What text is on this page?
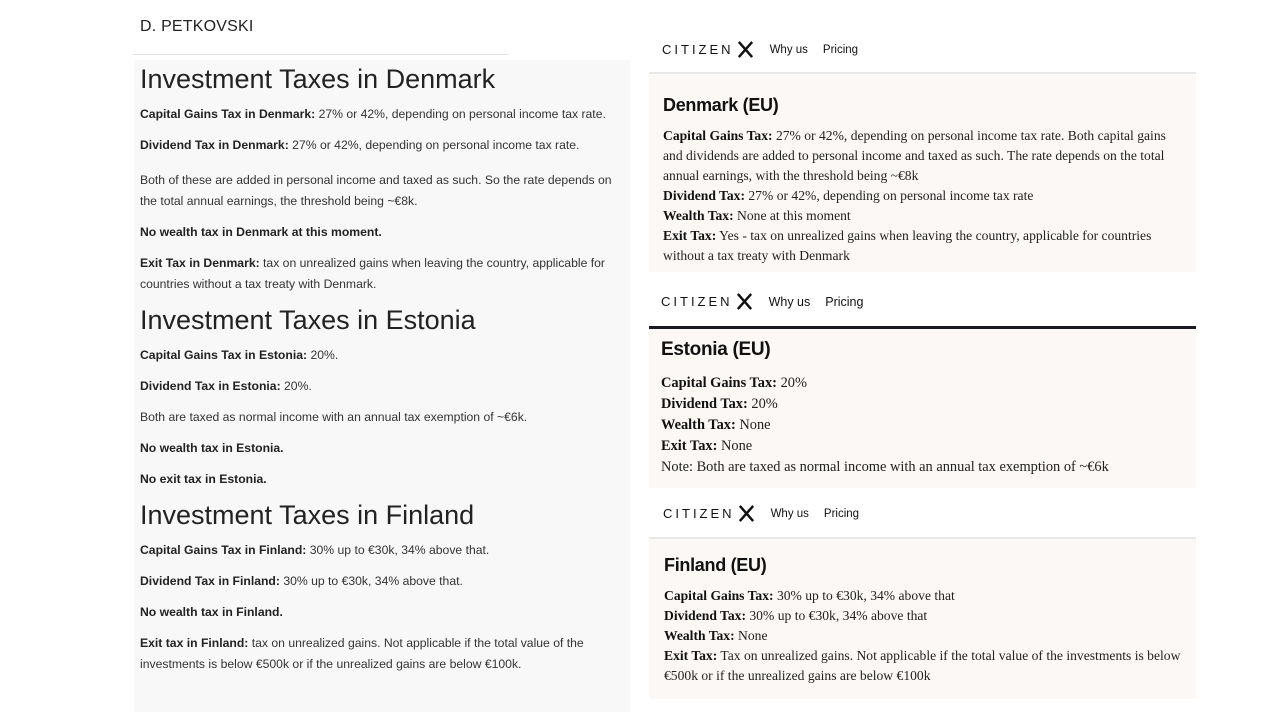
D. PETKOVSKI
Investment Taxes in Denmark

Capital Gains Tax in Denmark: 27% or 42%, depending on personal income tax rate.

Dividend Tax in Denmark: 27% or 42%, depending on personal income tax rate.

Both of these are added in personal income and taxed as such. So the rate depends on the total annual earnings, the threshold being ~€8k.

No wealth tax in Denmark at this moment.

Exit Tax in Denmark: tax on unrealized gains when leaving the country, applicable for countries without a tax treaty with Denmark.

Investment Taxes in Estonia

Capital Gains Tax in Estonia: 20%.

Dividend Tax in Estonia: 20%.

Both are taxed as normal income with an annual tax exemption of ~€6k.

No wealth tax in Estonia.

No exit tax in Estonia.

Investment Taxes in Finland

Capital Gains Tax in Finland: 30% up to €30k, 34% above that.

Dividend Tax in Finland: 30% up to €30k, 34% above that.

No wealth tax in Finland.

Exit tax in Finland: tax on unrealized gains. Not applicable if the total value of the investments is below €500k or if the unrealized gains are below €100k.

CITIZEN	Why us Pricing
Denmark (EU)
Capital Gains Tax: 27% or 42%, depending on personal income tax rate. Both capital gains and dividends are added to personal income and taxed as such. The rate depends on the total annual earnings, with the threshold being ~€8k
Dividend Tax: 27% or 42%, depending on personal income tax rate
Wealth Tax: None at this moment
Exit Tax: Yes - tax on unrealized gains when leaving the country, applicable for countries without a tax treaty with Denmark
CITIZEN	Why us Pricing
Estonia (EU)
Capital Gains Tax: 20%
Dividend Tax: 20%
Wealth Tax: None
Exit Tax: None
Note: Both are taxed as normal income with an annual tax exemption of ~€6k
CITIZEN	Why us Pricing
Finland (EU)
Capital Gains Tax: 30% up to €30k, 34% above that
Dividend Tax: 30% up to €30k, 34% above that
Wealth Tax: None
Exit Tax: Tax on unrealized gains. Not applicable if the total value of the investments is below €500k or if the unrealized gains are below €100k
